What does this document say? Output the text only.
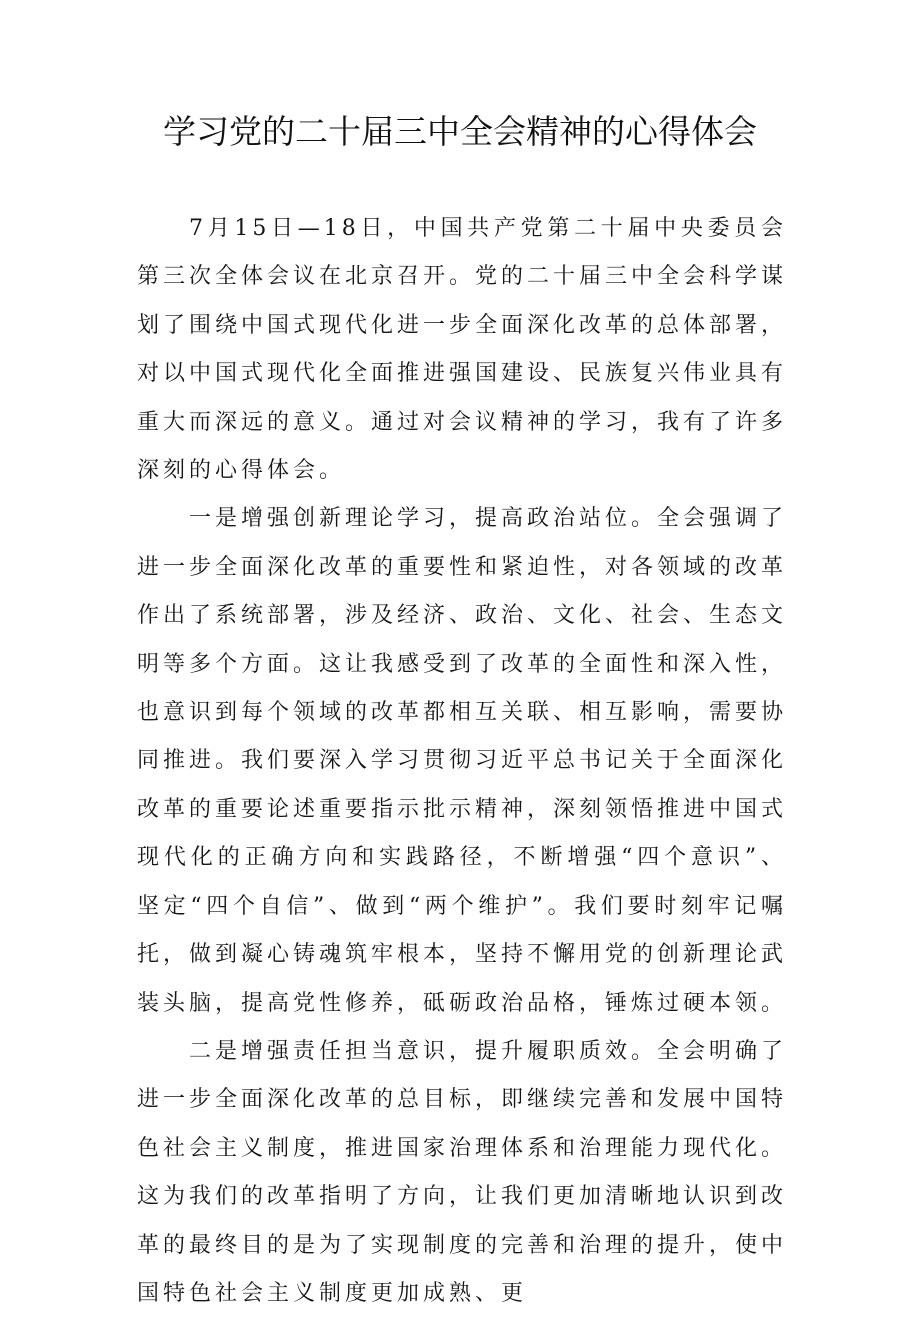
学习党的二十届三中全会精神的心得体会

7月15日—18日，中国共产党第二十届中央委员会第三次全体会议在北京召开。党的二十届三中全会科学谋划了围绕中国式现代化进一步全面深化改革的总体部署，对以中国式现代化全面推进强国建设、民族复兴伟业具有重大而深远的意义。通过对会议精神的学习，我有了许多深刻的心得体会。

一是增强创新理论学习，提高政治站位。全会强调了进一步全面深化改革的重要性和紧迫性，对各领域的改革作出了系统部署，涉及经济、政治、文化、社会、生态文明等多个方面。这让我感受到了改革的全面性和深入性，也意识到每个领域的改革都相互关联、相互影响，需要协同推进。我们要深入学习贯彻习近平总书记关于全面深化改革的重要论述重要指示批示精神，深刻领悟推进中国式现代化的正确方向和实践路径，不断增强“四个意识”、坚定“四个自信”、做到“两个维护”。我们要时刻牢记嘱托，做到凝心铸魂筑牢根本，坚持不懈用党的创新理论武装头脑，提高党性修养，砥砺政治品格，锤炼过硬本领。

二是增强责任担当意识，提升履职质效。全会明确了进一步全面深化改革的总目标，即继续完善和发展中国特色社会主义制度，推进国家治理体系和治理能力现代化。这为我们的改革指明了方向，让我们更加清晰地认识到改革的最终目的是为了实现制度的完善和治理的提升，使中国特色社会主义制度更加成熟、更
